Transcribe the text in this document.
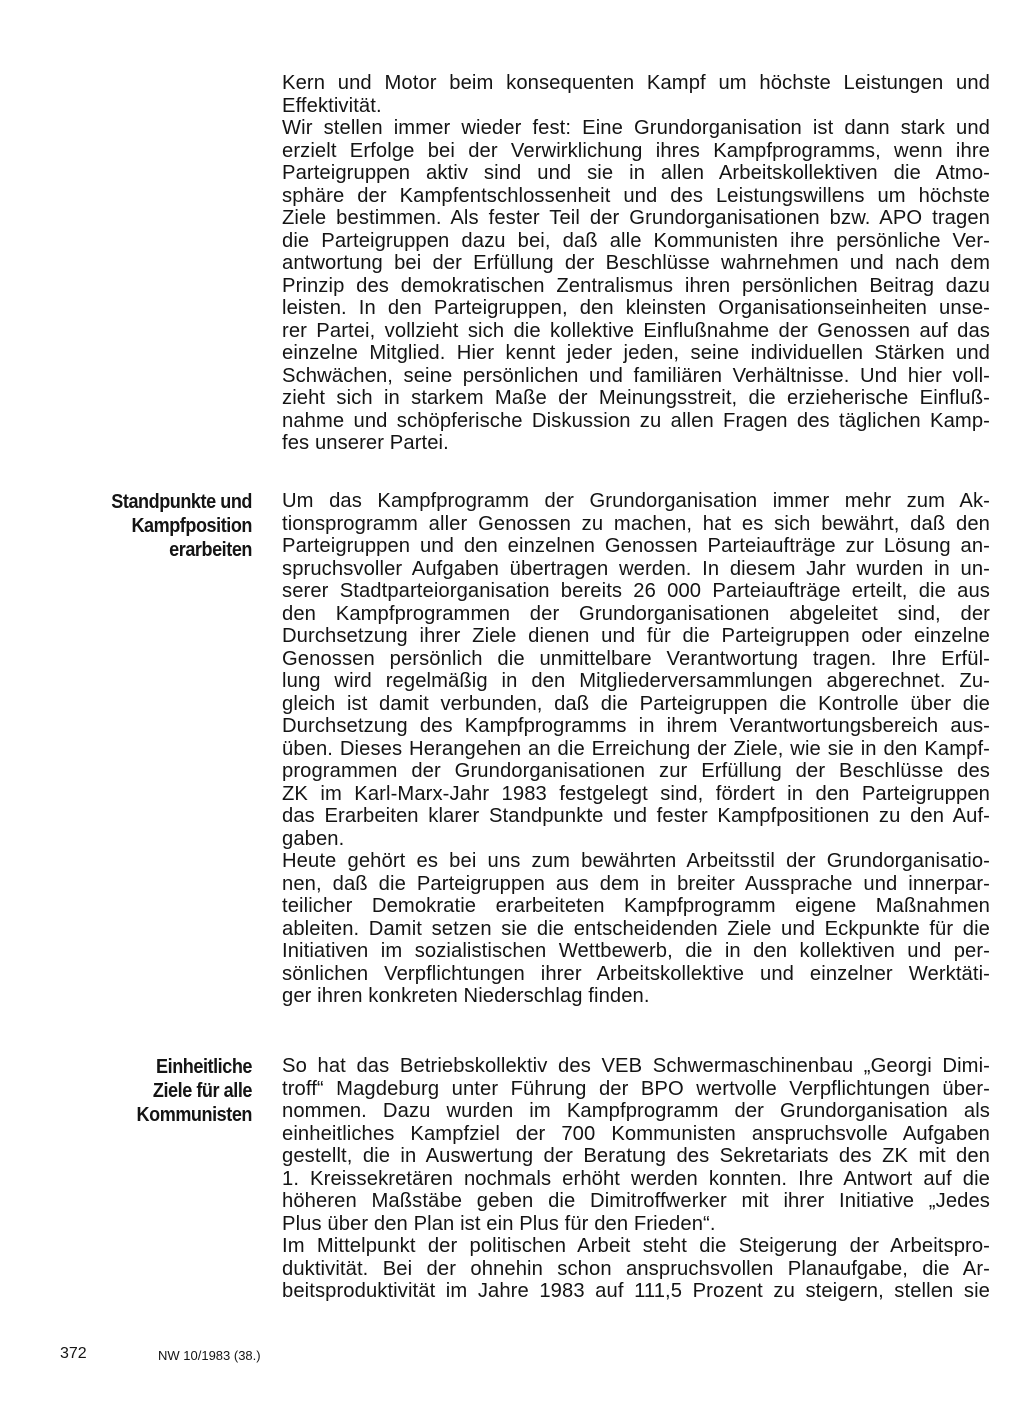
Kern und Motor beim konsequenten Kampf um höchste Leistungen und
Effektivität.
Wir stellen immer wieder fest: Eine Grundorganisation ist dann stark und
erzielt Erfolge bei der Verwirklichung ihres Kampfprogramms, wenn ihre
Parteigruppen aktiv sind und sie in allen Arbeitskollektiven die Atmo-
sphäre der Kampfentschlossenheit und des Leistungswillens um höchste
Ziele bestimmen. Als fester Teil der Grundorganisationen bzw. APO tragen
die Parteigruppen dazu bei, daß alle Kommunisten ihre persönliche Ver-
antwortung bei der Erfüllung der Beschlüsse wahrnehmen und nach dem
Prinzip des demokratischen Zentralismus ihren persönlichen Beitrag dazu
leisten. In den Parteigruppen, den kleinsten Organisationseinheiten unse-
rer Partei, vollzieht sich die kollektive Einflußnahme der Genossen auf das
einzelne Mitglied. Hier kennt jeder jeden, seine individuellen Stärken und
Schwächen, seine persönlichen und familiären Verhältnisse. Und hier voll-
zieht sich in starkem Maße der Meinungsstreit, die erzieherische Einfluß-
nahme und schöpferische Diskussion zu allen Fragen des täglichen Kamp-
fes unserer Partei.
Standpunkte und
Kampfposition
erarbeiten
Um das Kampfprogramm der Grundorganisation immer mehr zum Ak-
tionsprogramm aller Genossen zu machen, hat es sich bewährt, daß den
Parteigruppen und den einzelnen Genossen Parteiaufträge zur Lösung an-
spruchsvoller Aufgaben übertragen werden. In diesem Jahr wurden in un-
serer Stadtparteiorganisation bereits 26 000 Parteiaufträge erteilt, die aus
den Kampfprogrammen der Grundorganisationen abgeleitet sind, der
Durchsetzung ihrer Ziele dienen und für die Parteigruppen oder einzelne
Genossen persönlich die unmittelbare Verantwortung tragen. Ihre Erfül-
lung wird regelmäßig in den Mitgliederversammlungen abgerechnet. Zu-
gleich ist damit verbunden, daß die Parteigruppen die Kontrolle über die
Durchsetzung des Kampfprogramms in ihrem Verantwortungsbereich aus-
üben. Dieses Herangehen an die Erreichung der Ziele, wie sie in den Kampf-
programmen der Grundorganisationen zur Erfüllung der Beschlüsse des
ZK im Karl-Marx-Jahr 1983 festgelegt sind, fördert in den Parteigruppen
das Erarbeiten klarer Standpunkte und fester Kampfpositionen zu den Auf-
gaben.
Heute gehört es bei uns zum bewährten Arbeitsstil der Grundorganisatio-
nen, daß die Parteigruppen aus dem in breiter Aussprache und innerpar-
teilicher Demokratie erarbeiteten Kampfprogramm eigene Maßnahmen
ableiten. Damit setzen sie die entscheidenden Ziele und Eckpunkte für die
Initiativen im sozialistischen Wettbewerb, die in den kollektiven und per-
sönlichen Verpflichtungen ihrer Arbeitskollektive und einzelner Werktäti-
ger ihren konkreten Niederschlag finden.
Einheitliche
Ziele für alle
Kommunisten
So hat das Betriebskollektiv des VEB Schwermaschinenbau „Georgi Dimi-
troff“ Magdeburg unter Führung der BPO wertvolle Verpflichtungen über-
nommen. Dazu wurden im Kampfprogramm der Grundorganisation als
einheitliches Kampfziel der 700 Kommunisten anspruchsvolle Aufgaben
gestellt, die in Auswertung der Beratung des Sekretariats des ZK mit den
1. Kreissekretären nochmals erhöht werden konnten. Ihre Antwort auf die
höheren Maßstäbe geben die Dimitroffwerker mit ihrer Initiative „Jedes
Plus über den Plan ist ein Plus für den Frieden“.
Im Mittelpunkt der politischen Arbeit steht die Steigerung der Arbeitspro-
duktivität. Bei der ohnehin schon anspruchsvollen Planaufgabe, die Ar-
beitsproduktivität im Jahre 1983 auf 111,5 Prozent zu steigern, stellen sie
372	NW 10/1983 (38.)
